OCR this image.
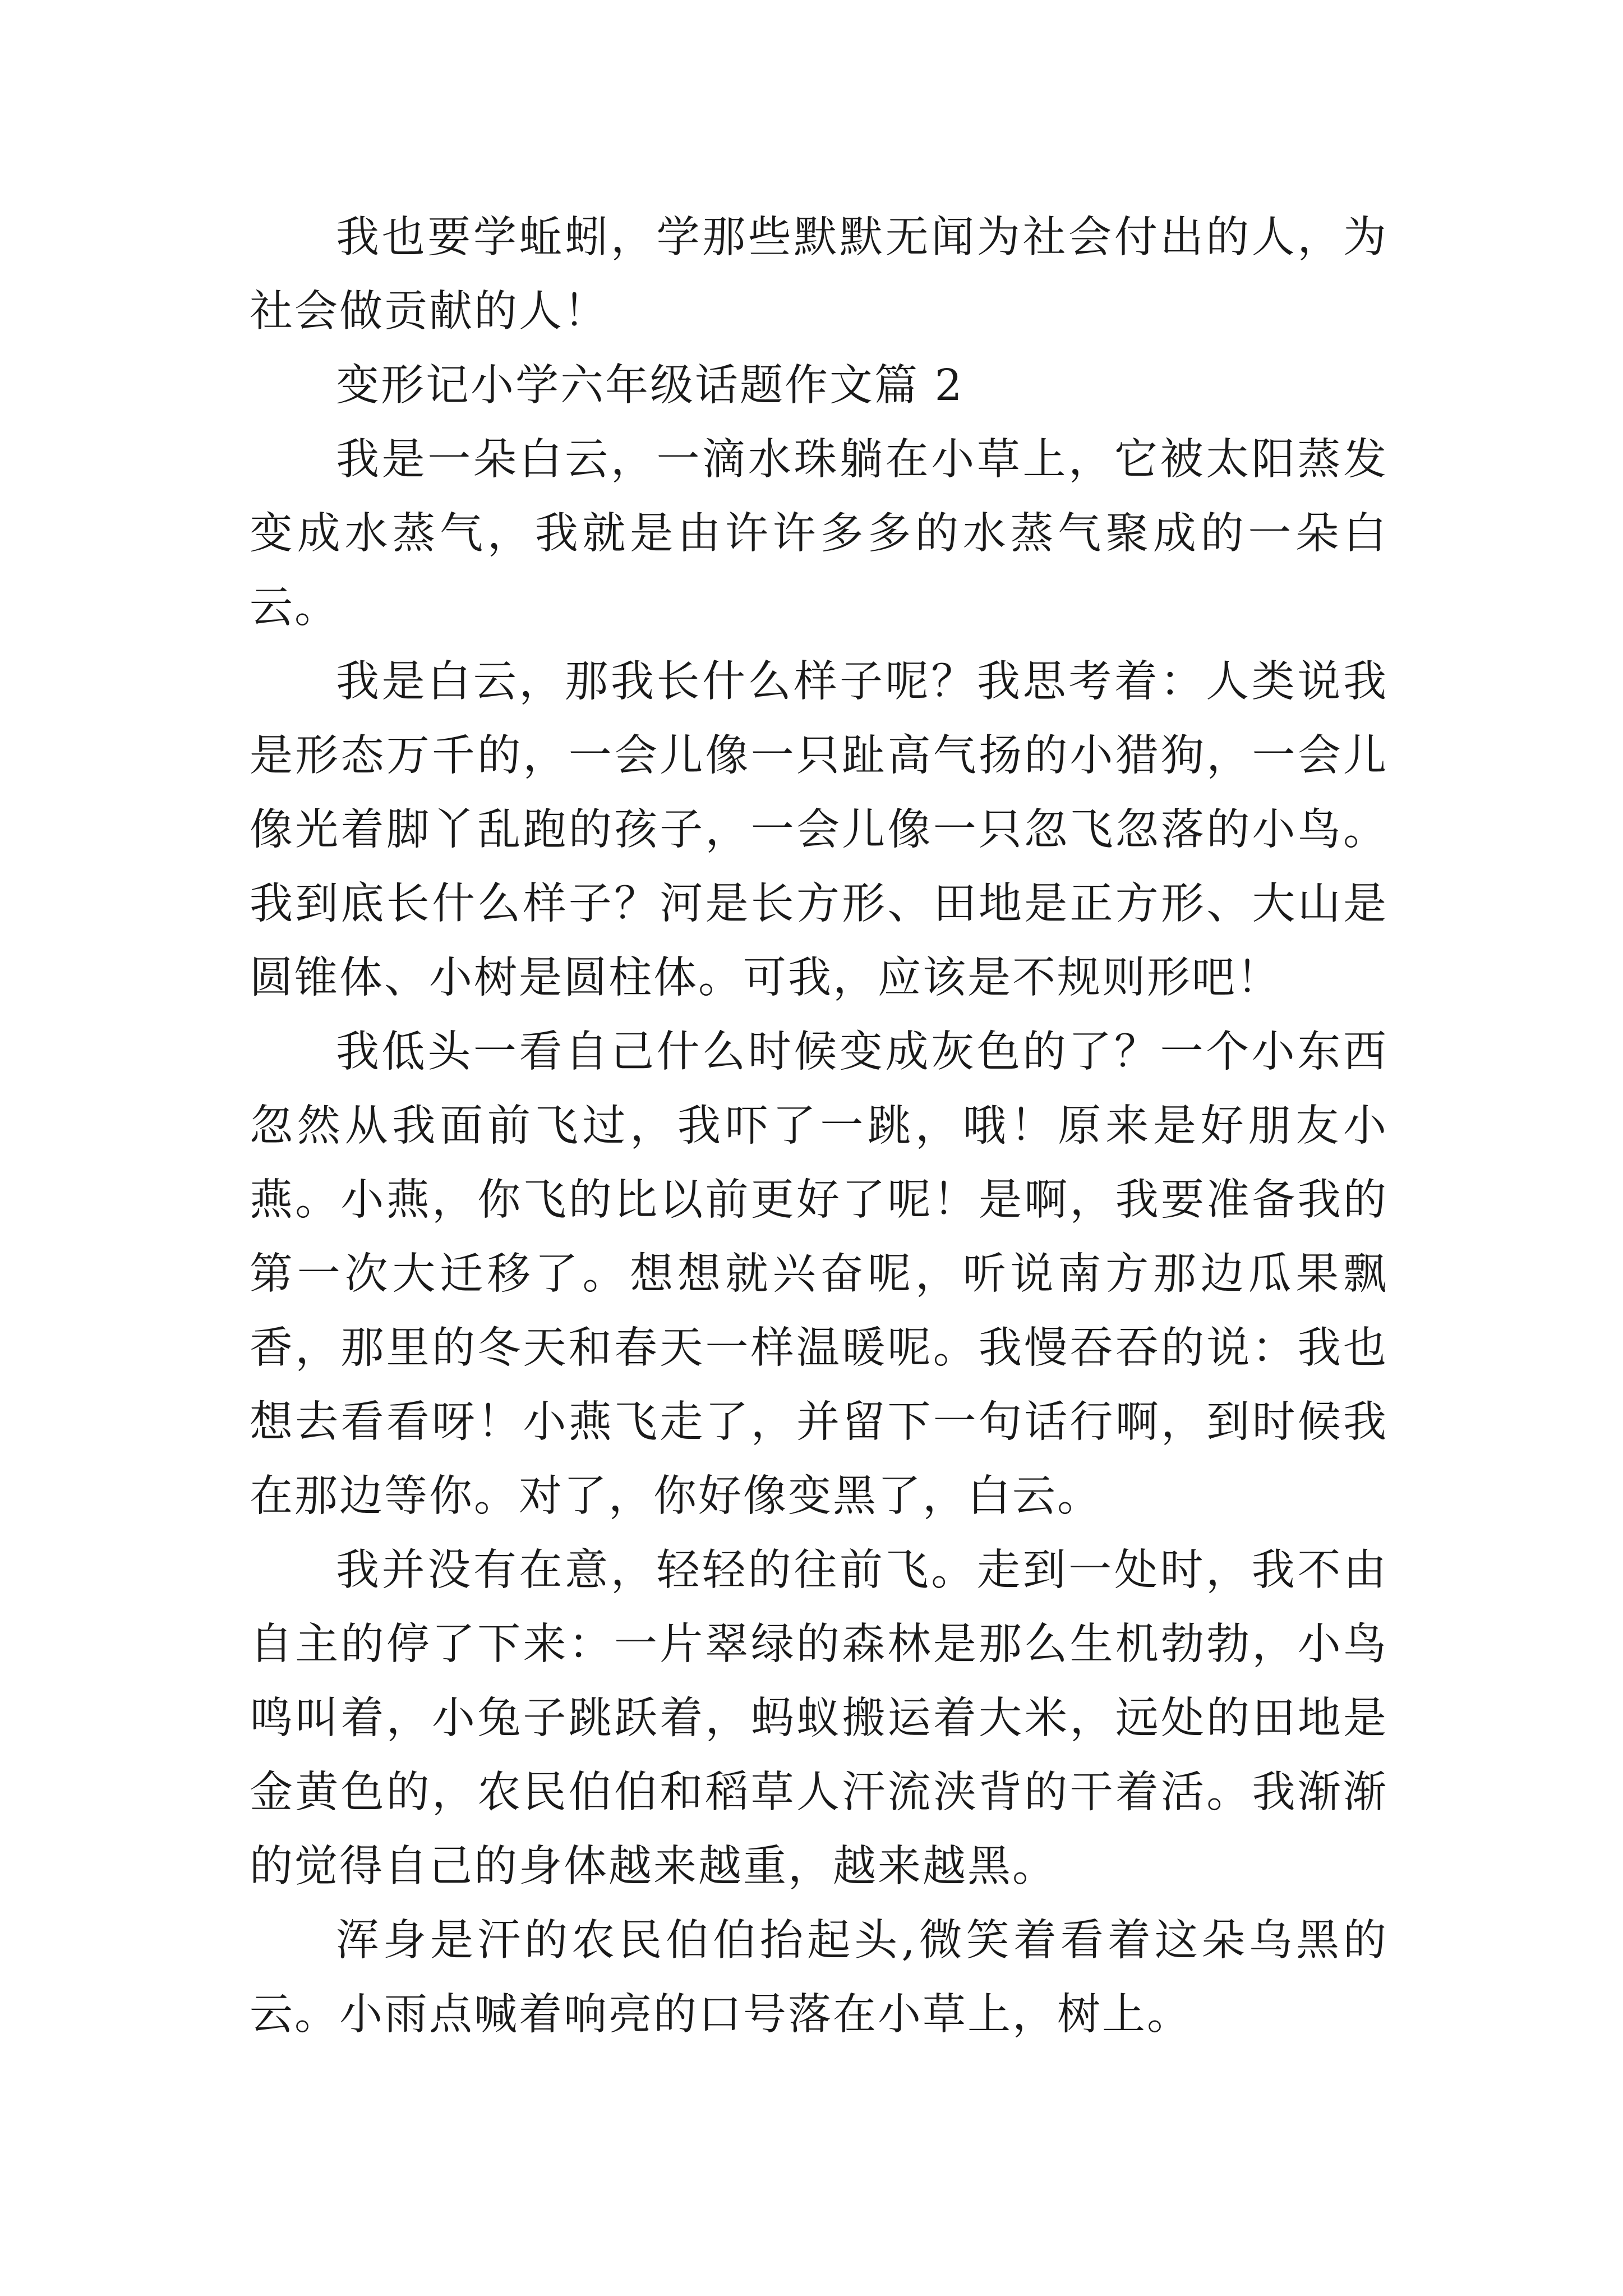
我也要学蚯蚓，学那些默默无闻为社会付出的人，为社会做贡献的人！

变形记小学六年级话题作文篇 2

我是一朵白云，一滴水珠躺在小草上，它被太阳蒸发变成水蒸气，我就是由许许多多的水蒸气聚成的一朵白云。

我是白云，那我长什么样子呢？我思考着：人类说我是形态万千的，一会儿像一只趾高气扬的小猎狗，一会儿像光着脚丫乱跑的孩子，一会儿像一只忽飞忽落的小鸟。我到底长什么样子？河是长方形、田地是正方形、大山是圆锥体、小树是圆柱体。可我，应该是不规则形吧！

我低头一看自己什么时候变成灰色的了？一个小东西忽然从我面前飞过，我吓了一跳，哦！原来是好朋友小燕。小燕，你飞的比以前更好了呢！是啊，我要准备我的第一次大迁移了。想想就兴奋呢，听说南方那边瓜果飘香，那里的冬天和春天一样温暖呢。我慢吞吞的说：我也想去看看呀！小燕飞走了，并留下一句话行啊，到时候我在那边等你。对了，你好像变黑了，白云。

我并没有在意，轻轻的往前飞。走到一处时，我不由自主的停了下来：一片翠绿的森林是那么生机勃勃，小鸟鸣叫着，小兔子跳跃着，蚂蚁搬运着大米，远处的田地是金黄色的，农民伯伯和稻草人汗流浃背的干着活。我渐渐的觉得自己的身体越来越重，越来越黑。

浑身是汗的农民伯伯抬起头,微笑着看着这朵乌黑的云。小雨点喊着响亮的口号落在小草上，树上。
